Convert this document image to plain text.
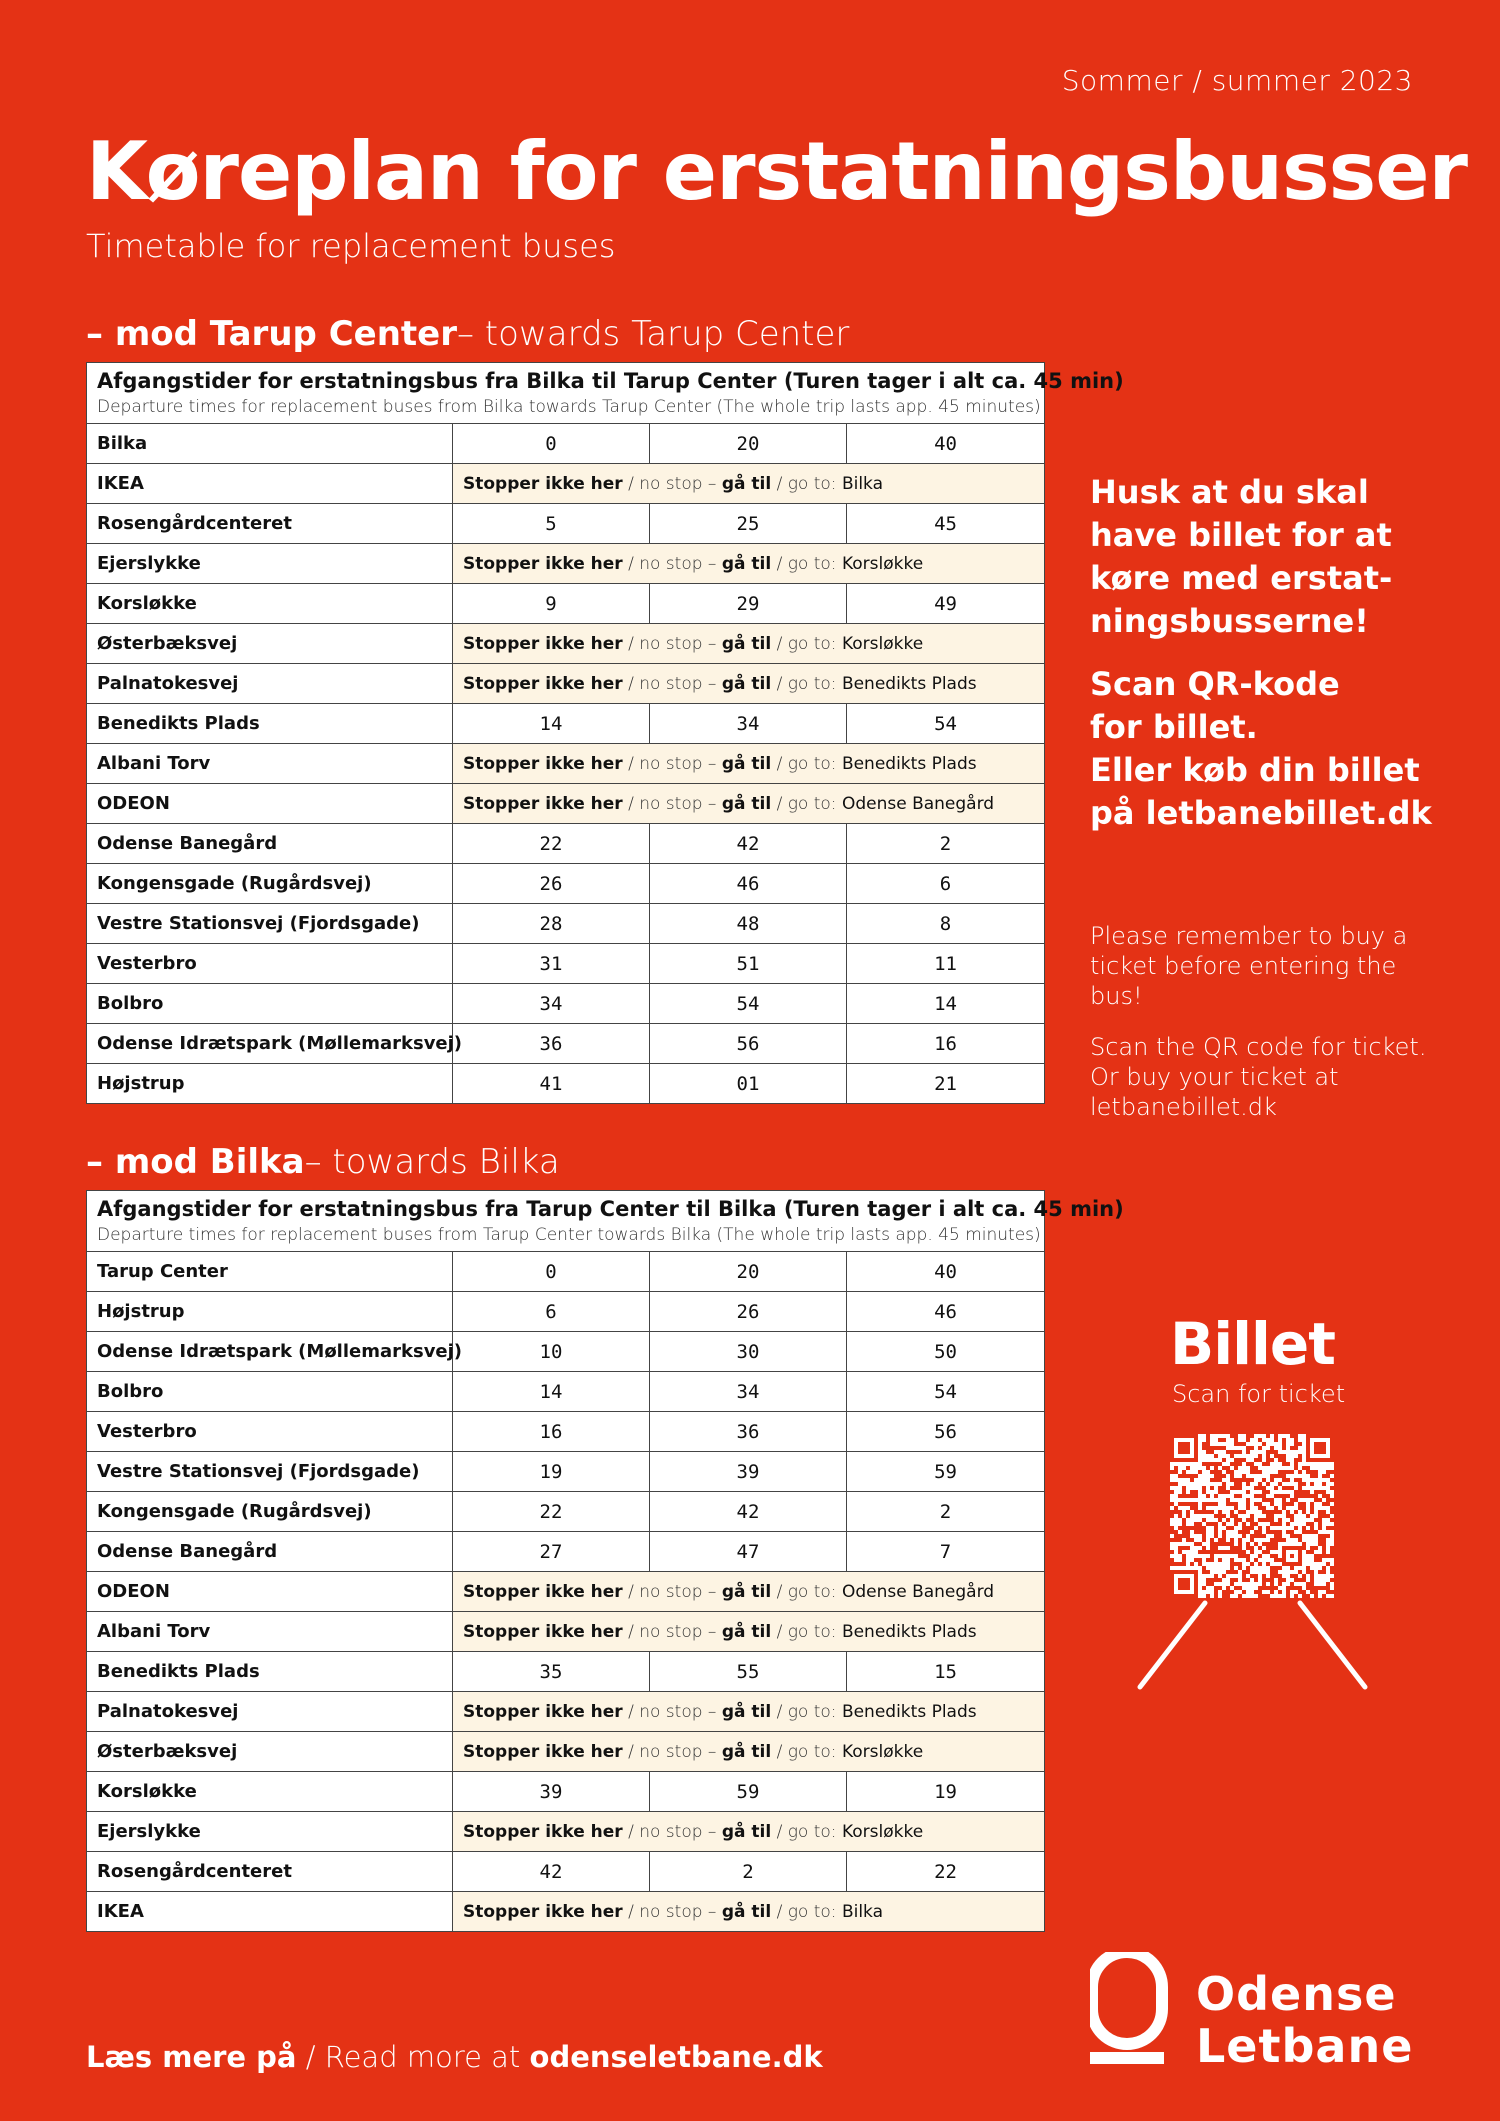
Sommer / summer 2023
Køreplan for erstatningsbusser
Timetable for replacement buses
– mod Tarup Center– towards Tarup Center
Afgangstider for erstatningsbus fra Bilka til Tarup Center (Turen tager i alt ca. 45 min)
Departure times for replacement buses from Bilka towards Tarup Center (The whole trip lasts app. 45 minutes)			

Bilka	0	20	40
IKEA	Stopper ikke her / no stop – gå til / go to: Bilka		
Rosengårdcenteret	5	25	45
Ejerslykke	Stopper ikke her / no stop – gå til / go to: Korsløkke		
Korsløkke	9	29	49
Østerbæksvej	Stopper ikke her / no stop – gå til / go to: Korsløkke		
Palnatokesvej	Stopper ikke her / no stop – gå til / go to: Benedikts Plads		
Benedikts Plads	14	34	54
Albani Torv	Stopper ikke her / no stop – gå til / go to: Benedikts Plads		
ODEON	Stopper ikke her / no stop – gå til / go to: Odense Banegård		
Odense Banegård	22	42	2
Kongensgade (Rugårdsvej)	26	46	6
Vestre Stationsvej (Fjordsgade)	28	48	8
Vesterbro	31	51	11
Bolbro	34	54	14
Odense Idrætspark (Møllemarksvej)	36	56	16
Højstrup	41	01	21
– mod Bilka– towards Bilka
Afgangstider for erstatningsbus fra Tarup Center til Bilka (Turen tager i alt ca. 45 min)
Departure times for replacement buses from Tarup Center towards Bilka (The whole trip lasts app. 45 minutes)			

Tarup Center	0	20	40
Højstrup	6	26	46
Odense Idrætspark (Møllemarksvej)	10	30	50
Bolbro	14	34	54
Vesterbro	16	36	56
Vestre Stationsvej (Fjordsgade)	19	39	59
Kongensgade (Rugårdsvej)	22	42	2
Odense Banegård	27	47	7
ODEON	Stopper ikke her / no stop – gå til / go to: Odense Banegård		
Albani Torv	Stopper ikke her / no stop – gå til / go to: Benedikts Plads		
Benedikts Plads	35	55	15
Palnatokesvej	Stopper ikke her / no stop – gå til / go to: Benedikts Plads		
Østerbæksvej	Stopper ikke her / no stop – gå til / go to: Korsløkke		
Korsløkke	39	59	19
Ejerslykke	Stopper ikke her / no stop – gå til / go to: Korsløkke		
Rosengårdcenteret	42	2	22
IKEA	Stopper ikke her / no stop – gå til / go to: Bilka		
Husk at du skal have billet for at køre med erstat-ningsbusserne!
Scan QR-kode
for billet.
Eller køb din billet
på letbanebillet.dk
Please remember to buy a ticket before entering the bus!
Scan the QR code for ticket. Or buy your ticket at letbanebillet.dk
Billet
Scan for ticket
Læs mere på / Read more at odenseletbane.dk
Odense
Letbane
